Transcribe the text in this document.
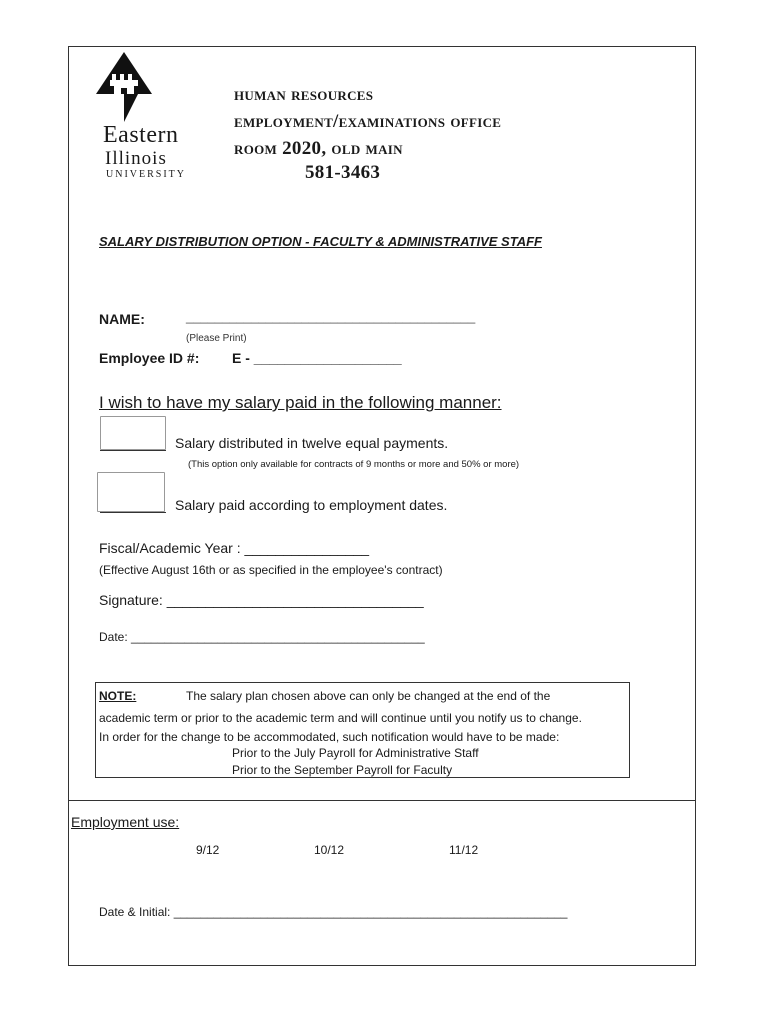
Eastern
Illinois
UNIVERSITY
human resources
employment/examinations office
room 2020, old main
581-3463
SALARY DISTRIBUTION OPTION - FACULTY & ADMINISTRATIVE STAFF
NAME:	________________________________________
(Please Print)
Employee ID #: E - ___________________
I wish to have my salary paid in the following manner:
Salary distributed in twelve equal payments.
(This option only available for contracts of 9 months or more and 50% or more)
Salary paid according to employment dates.
Fiscal/Academic Year : ________________
(Effective August 16th or as specified in the employee's contract)
Signature: _________________________________
Date: ____________________________________________
NOTE:	The salary plan chosen above can only be changed at the end of the
academic term or prior to the academic term and will continue until you notify us to change.
In order for the change to be accommodated, such notification would have to be made:
Prior to the July Payroll for Administrative Staff
Prior to the September Payroll for Faculty
Employment use:
9/12	10/12	11/12
Date & Initial: ___________________________________________________________
